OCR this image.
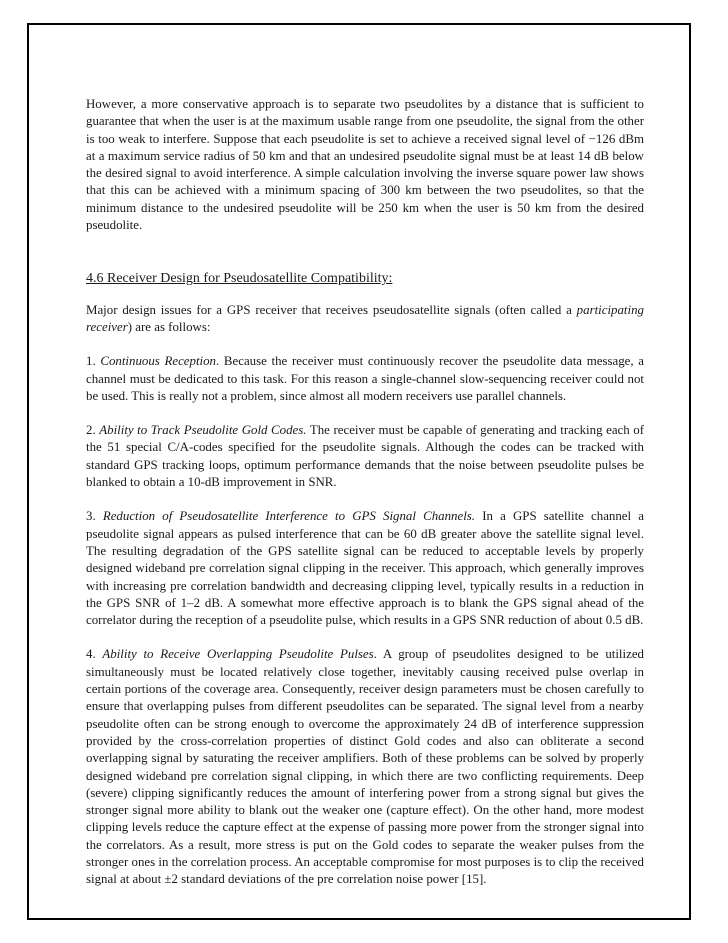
However, a more conservative approach is to separate two pseudolites by a distance that is sufficient to guarantee that when the user is at the maximum usable range from one pseudolite, the signal from the other is too weak to interfere. Suppose that each pseudolite is set to achieve a received signal level of −126 dBm at a maximum service radius of 50 km and that an undesired pseudolite signal must be at least 14 dB below the desired signal to avoid interference. A simple calculation involving the inverse square power law shows that this can be achieved with a minimum spacing of 300 km between the two pseudolites, so that the minimum distance to the undesired pseudolite will be 250 km when the user is 50 km from the desired pseudolite.

4.6 Receiver Design for Pseudosatellite Compatibility:

Major design issues for a GPS receiver that receives pseudosatellite signals (often called a participating receiver) are as follows:

1. Continuous Reception. Because the receiver must continuously recover the pseudolite data message, a channel must be dedicated to this task. For this reason a single-channel slow-sequencing receiver could not be used. This is really not a problem, since almost all modern receivers use parallel channels.

2. Ability to Track Pseudolite Gold Codes. The receiver must be capable of generating and tracking each of the 51 special C/A-codes specified for the pseudolite signals. Although the codes can be tracked with standard GPS tracking loops, optimum performance demands that the noise between pseudolite pulses be blanked to obtain a 10-dB improvement in SNR.

3. Reduction of Pseudosatellite Interference to GPS Signal Channels. In a GPS satellite channel a pseudolite signal appears as pulsed interference that can be 60 dB greater above the satellite signal level. The resulting degradation of the GPS satellite signal can be reduced to acceptable levels by properly designed wideband pre correlation signal clipping in the receiver. This approach, which generally improves with increasing pre correlation bandwidth and decreasing clipping level, typically results in a reduction in the GPS SNR of 1–2 dB. A somewhat more effective approach is to blank the GPS signal ahead of the correlator during the reception of a pseudolite pulse, which results in a GPS SNR reduction of about 0.5 dB.

4. Ability to Receive Overlapping Pseudolite Pulses. A group of pseudolites designed to be utilized simultaneously must be located relatively close together, inevitably causing received pulse overlap in certain portions of the coverage area. Consequently, receiver design parameters must be chosen carefully to ensure that overlapping pulses from different pseudolites can be separated. The signal level from a nearby pseudolite often can be strong enough to overcome the approximately 24 dB of interference suppression provided by the cross-correlation properties of distinct Gold codes and also can obliterate a second overlapping signal by saturating the receiver amplifiers. Both of these problems can be solved by properly designed wideband pre correlation signal clipping, in which there are two conflicting requirements. Deep (severe) clipping significantly reduces the amount of interfering power from a strong signal but gives the stronger signal more ability to blank out the weaker one (capture effect). On the other hand, more modest clipping levels reduce the capture effect at the expense of passing more power from the stronger signal into the correlators. As a result, more stress is put on the Gold codes to separate the weaker pulses from the stronger ones in the correlation process. An acceptable compromise for most purposes is to clip the received signal at about ±2 standard deviations of the pre correlation noise power [15].
